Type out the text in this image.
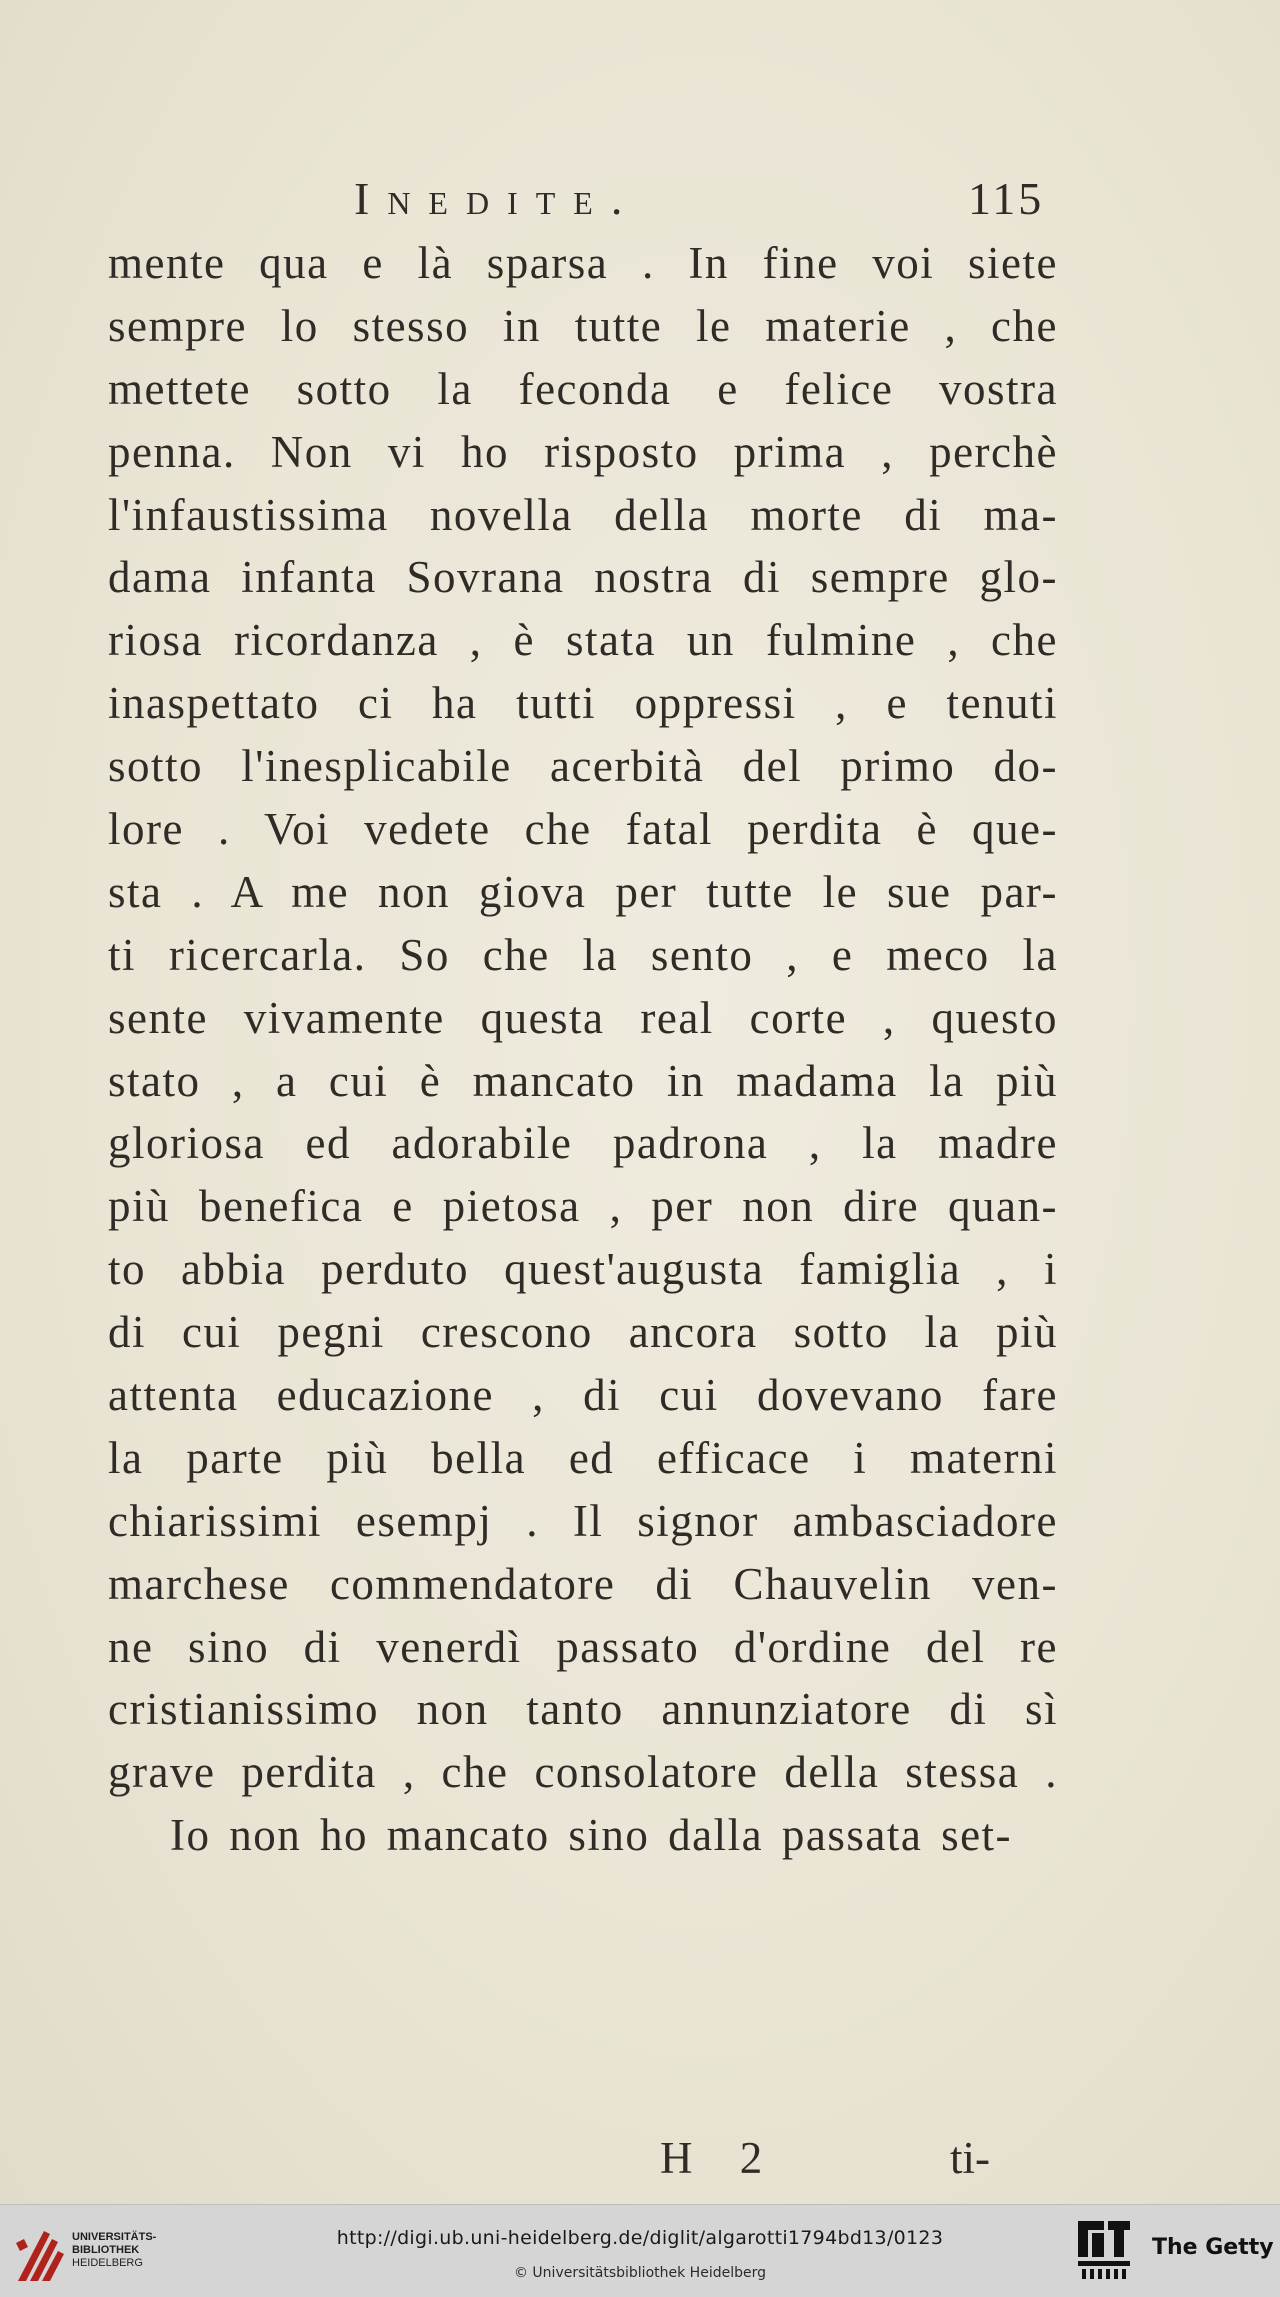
Inedite.	115
mente qua e là sparsa . In fine voi siete
sempre lo stesso in tutte le materie , che
mettete sotto la feconda e felice vostra
penna. Non vi ho risposto prima , perchè
l'infaustissima novella della morte di ma-
dama infanta Sovrana nostra di sempre glo-
riosa ricordanza , è stata un fulmine , che
inaspettato ci ha tutti oppressi , e tenuti
sotto l'inesplicabile acerbità del primo do-
lore . Voi vedete che fatal perdita è que-
sta . A me non giova per tutte le sue par-
ti ricercarla. So che la sento , e meco la
sente vivamente questa real corte , questo
stato , a cui è mancato in madama la più
gloriosa ed adorabile padrona , la madre
più benefica e pietosa , per non dire quan-
to abbia perduto quest'augusta famiglia , i
di cui pegni crescono ancora sotto la più
attenta educazione , di cui dovevano fare
la parte più bella ed efficace i materni
chiarissimi esempj . Il signor ambasciadore
marchese commendatore di Chauvelin ven-
ne sino di venerdì passato d'ordine del re
cristianissimo non tanto annunziatore di sì
grave perdita , che consolatore della stessa .
Io non ho mancato sino dalla passata set-
H 2	ti-
UNIVERSITÄTS-
BIBLIOTHEK
HEIDELBERG
http://digi.ub.uni-heidelberg.de/diglit/algarotti1794bd13/0123
© Universitätsbibliothek Heidelberg
The Getty
